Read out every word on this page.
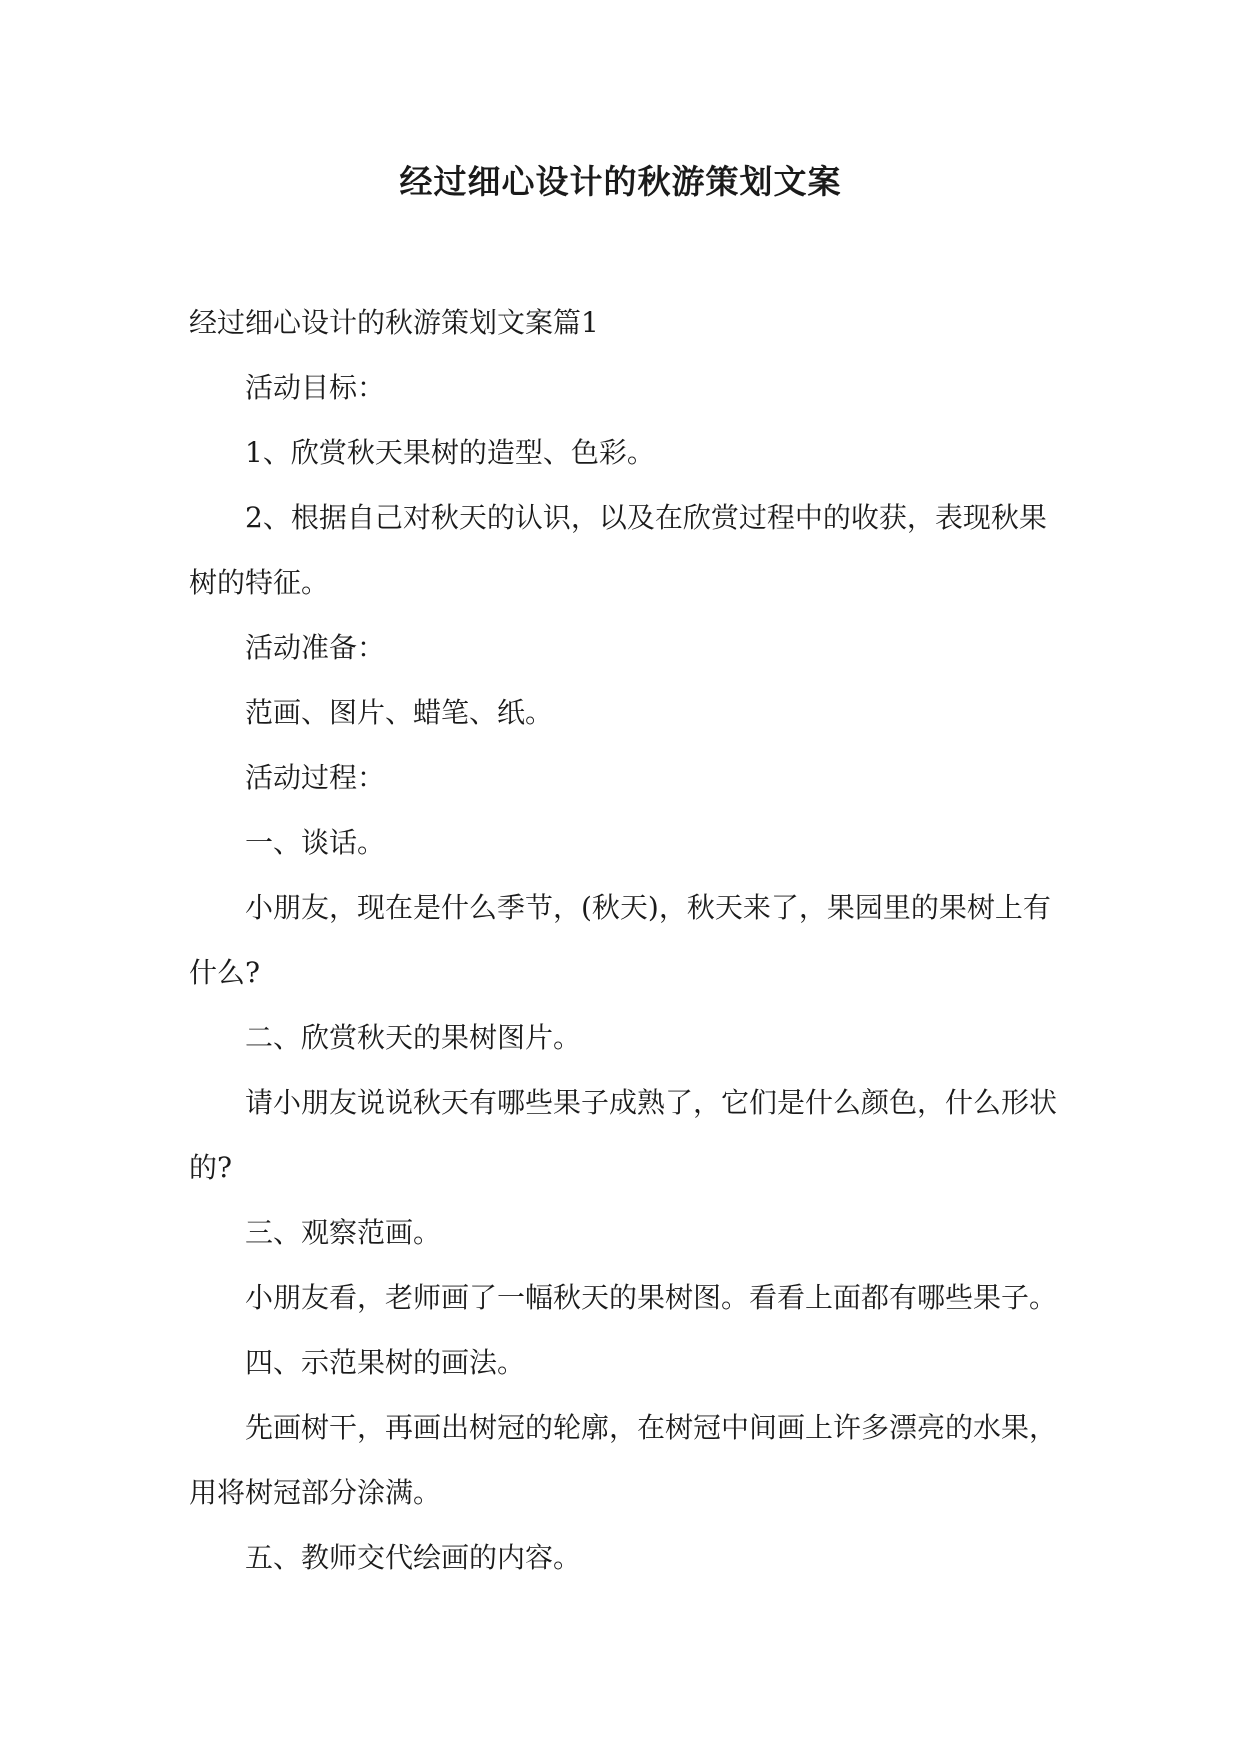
经过细心设计的秋游策划文案

经过细心设计的秋游策划文案篇1

活动目标：

1、欣赏秋天果树的造型、色彩。

2、根据自己对秋天的认识，以及在欣赏过程中的收获，表现秋果树的特征。

活动准备：

范画、图片、蜡笔、纸。

活动过程：

一、谈话。

小朋友，现在是什么季节，(秋天)，秋天来了，果园里的果树上有什么?

二、欣赏秋天的果树图片。

请小朋友说说秋天有哪些果子成熟了，它们是什么颜色，什么形状的?

三、观察范画。

小朋友看，老师画了一幅秋天的果树图。看看上面都有哪些果子。

四、示范果树的画法。

先画树干，再画出树冠的轮廓，在树冠中间画上许多漂亮的水果，用将树冠部分涂满。

五、教师交代绘画的内容。
